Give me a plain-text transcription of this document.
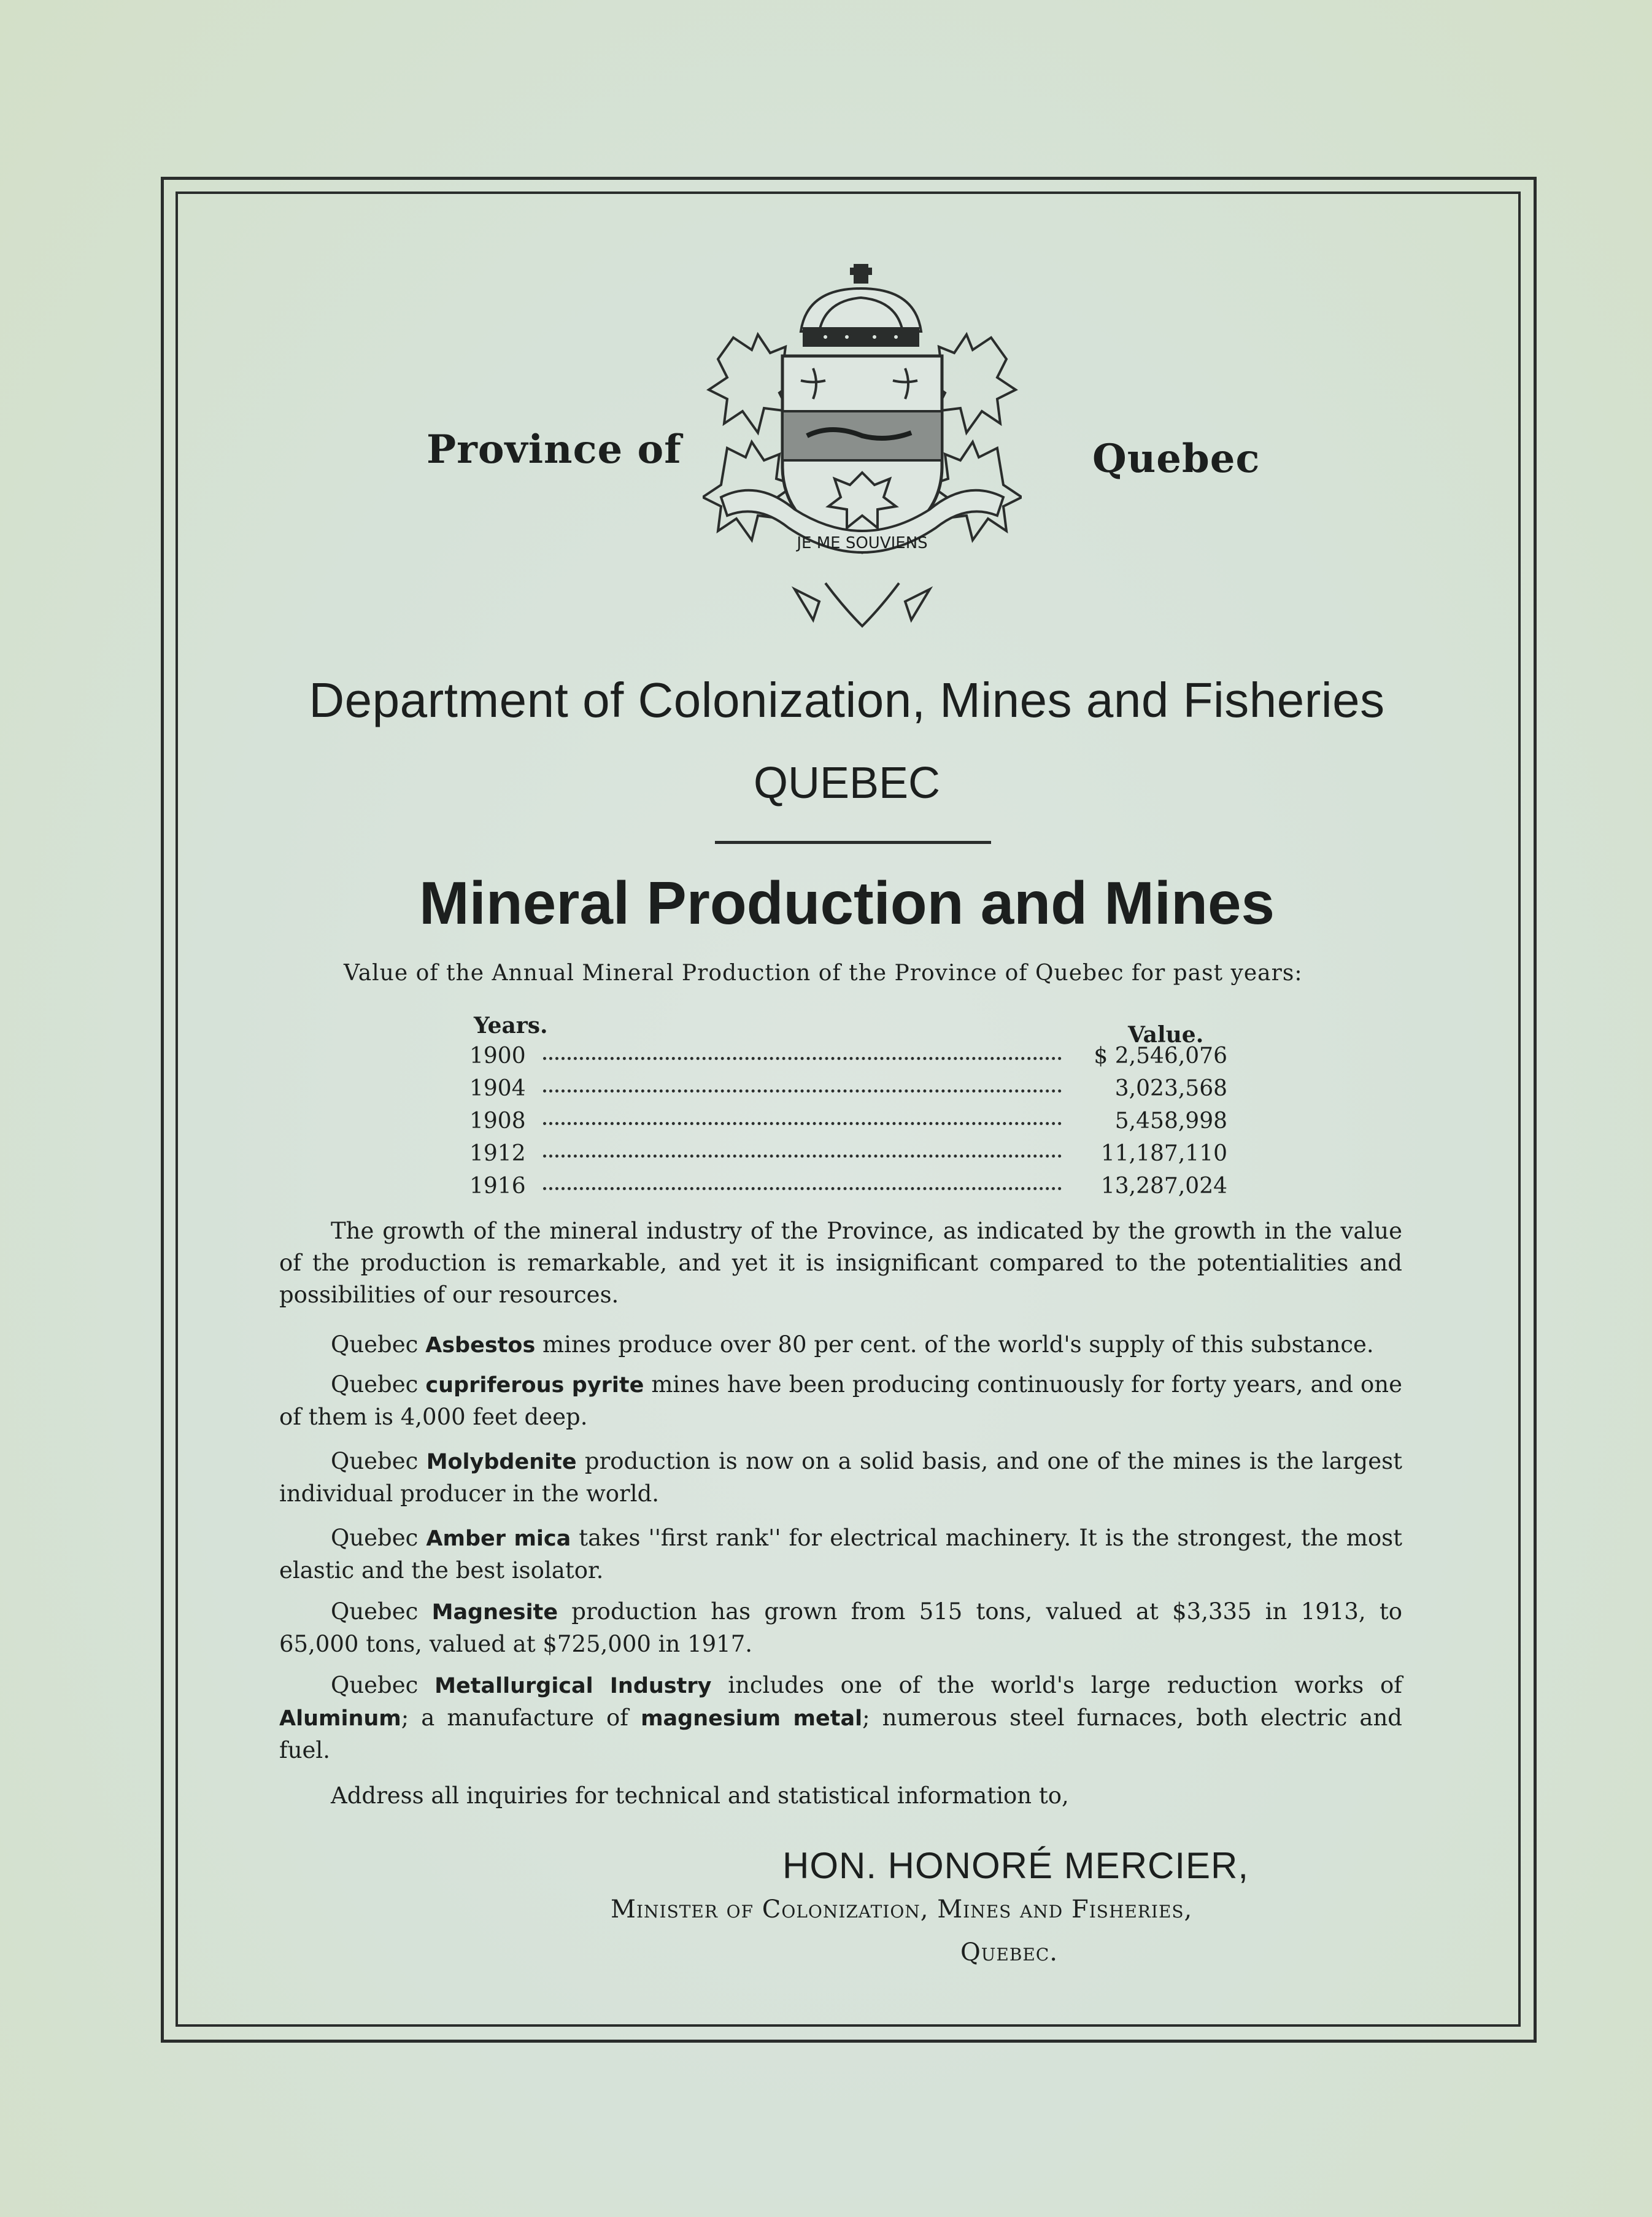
Province of	Quebec
JE ME SOUVIENS
Department of Colonization, Mines and Fisheries
QUEBEC
Mineral Production and Mines
Value of the Annual Mineral Production of the Province of Quebec for past years:
Years.	Value.
1900	$ 2,546,076
1904	3,023,568
1908	5,458,998
1912	11,187,110
1916	13,287,024
The growth of the mineral industry of the Province, as indicated by the growth in the value of the production is remarkable, and yet it is insignificant compared to the potentialities and possibilities of our resources.
Quebec Asbestos mines produce over 80 per cent. of the world's supply of this substance.
Quebec cupriferous pyrite mines have been producing continuously for forty years, and one of them is 4,000 feet deep.
Quebec Molybdenite production is now on a solid basis, and one of the mines is the largest individual producer in the world.
Quebec Amber mica takes ''first rank'' for electrical machinery. It is the strongest, the most elastic and the best isolator.
Quebec Magnesite production has grown from 515 tons, valued at $3,335 in 1913, to 65,000 tons, valued at $725,000 in 1917.
Quebec Metallurgical Industry includes one of the world's large reduction works of Aluminum; a manufacture of magnesium metal; numerous steel furnaces, both electric and fuel.
Address all inquiries for technical and statistical information to,
HON. HONORÉ MERCIER,
Minister of Colonization, Mines and Fisheries,
Quebec.
